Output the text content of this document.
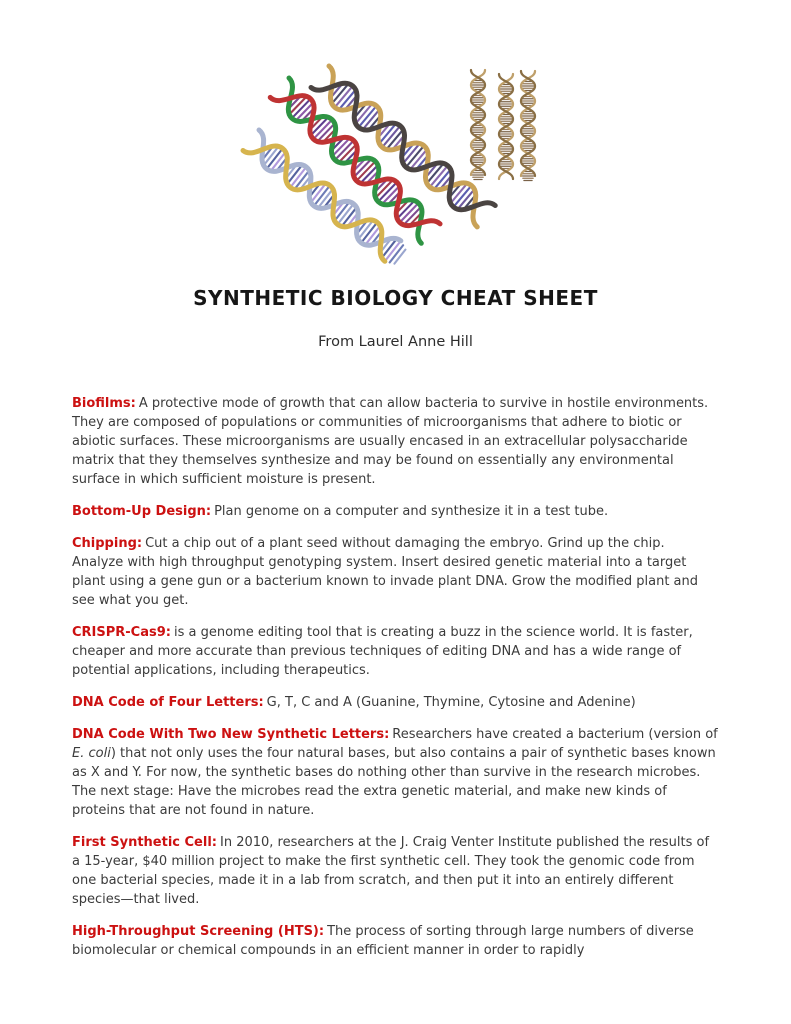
SYNTHETIC BIOLOGY CHEAT SHEET
From Laurel Anne Hill

Biofilms: A protective mode of growth that can allow bacteria to survive in hostile environments. They are composed of populations or communities of microorganisms that adhere to biotic or abiotic surfaces. These microorganisms are usually encased in an extracellular polysaccharide matrix that they themselves synthesize and may be found on essentially any environmental surface in which sufficient moisture is present.

Bottom-Up Design: Plan genome on a computer and synthesize it in a test tube.

Chipping: Cut a chip out of a plant seed without damaging the embryo. Grind up the chip. Analyze with high throughput genotyping system. Insert desired genetic material into a target plant using a gene gun or a bacterium known to invade plant DNA. Grow the modified plant and see what you get.

CRISPR-Cas9: is a genome editing tool that is creating a buzz in the science world. It is faster, cheaper and more accurate than previous techniques of editing DNA and has a wide range of potential applications, including therapeutics.

DNA Code of Four Letters: G, T, C and A (Guanine, Thymine, Cytosine and Adenine)

DNA Code With Two New Synthetic Letters: Researchers have created a bacterium (version of E. coli) that not only uses the four natural bases, but also contains a pair of synthetic bases known as X and Y. For now, the synthetic bases do nothing other than survive in the research microbes. The next stage: Have the microbes read the extra genetic material, and make new kinds of proteins that are not found in nature.

First Synthetic Cell: In 2010, researchers at the J. Craig Venter Institute published the results of a 15-year, $40 million project to make the first synthetic cell. They took the genomic code from one bacterial species, made it in a lab from scratch, and then put it into an entirely different species—that lived.

High-Throughput Screening (HTS): The process of sorting through large numbers of diverse biomolecular or chemical compounds in an efficient manner in order to rapidly
